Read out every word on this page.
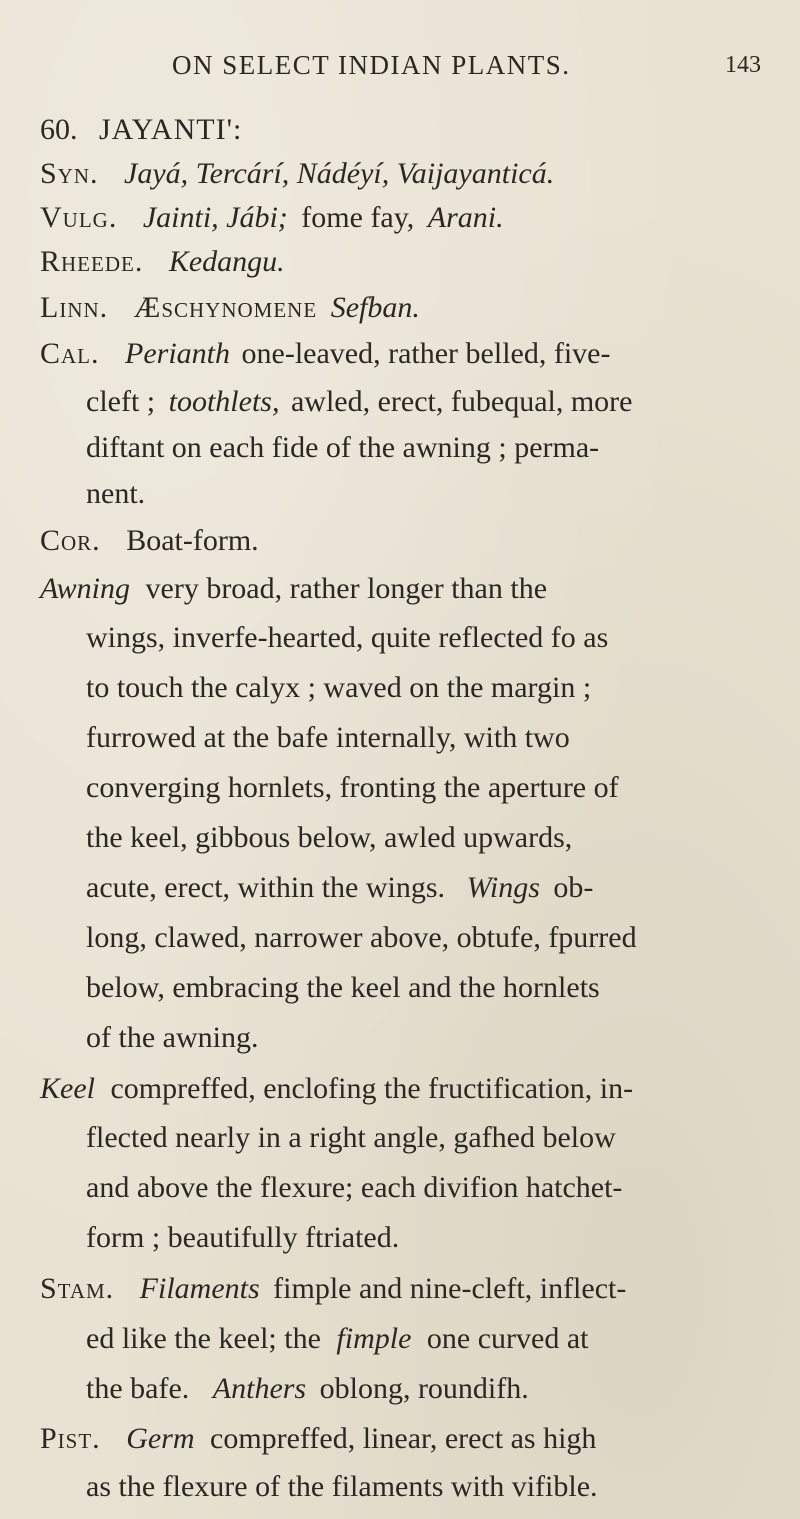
ON SELECT INDIAN PLANTS.	143
60. JAYANTI':
Syn. Jayá, Tercárí, Nádéyí, Vaijayanticá.
Vulg. Jainti, Jábi; fome fay, Arani.
Rheede. Kedangu.
Linn. Æschynomene Sefban.
Cal. Perianth one-leaved, rather belled, five-
cleft ; toothlets, awled, erect, fubequal, more
diftant on each fide of the awning ; perma-
nent.
Cor. Boat-form.
Awning very broad, rather longer than the
wings, inverfe-hearted, quite reflected fo as
to touch the calyx ; waved on the margin ;
furrowed at the bafe internally, with two
converging hornlets, fronting the aperture of
the keel, gibbous below, awled upwards,
acute, erect, within the wings. Wings ob-
long, clawed, narrower above, obtufe, fpurred
below, embracing the keel and the hornlets
of the awning.
Keel compreffed, enclofing the fructification, in-
flected nearly in a right angle, gafhed below
and above the flexure; each divifion hatchet-
form ; beautifully ftriated.
Stam. Filaments fimple and nine-cleft, inflect-
ed like the keel; the fimple one curved at
the bafe. Anthers oblong, roundifh.
Pist. Germ compreffed, linear, erect as high
as the flexure of the filaments with vifible.
